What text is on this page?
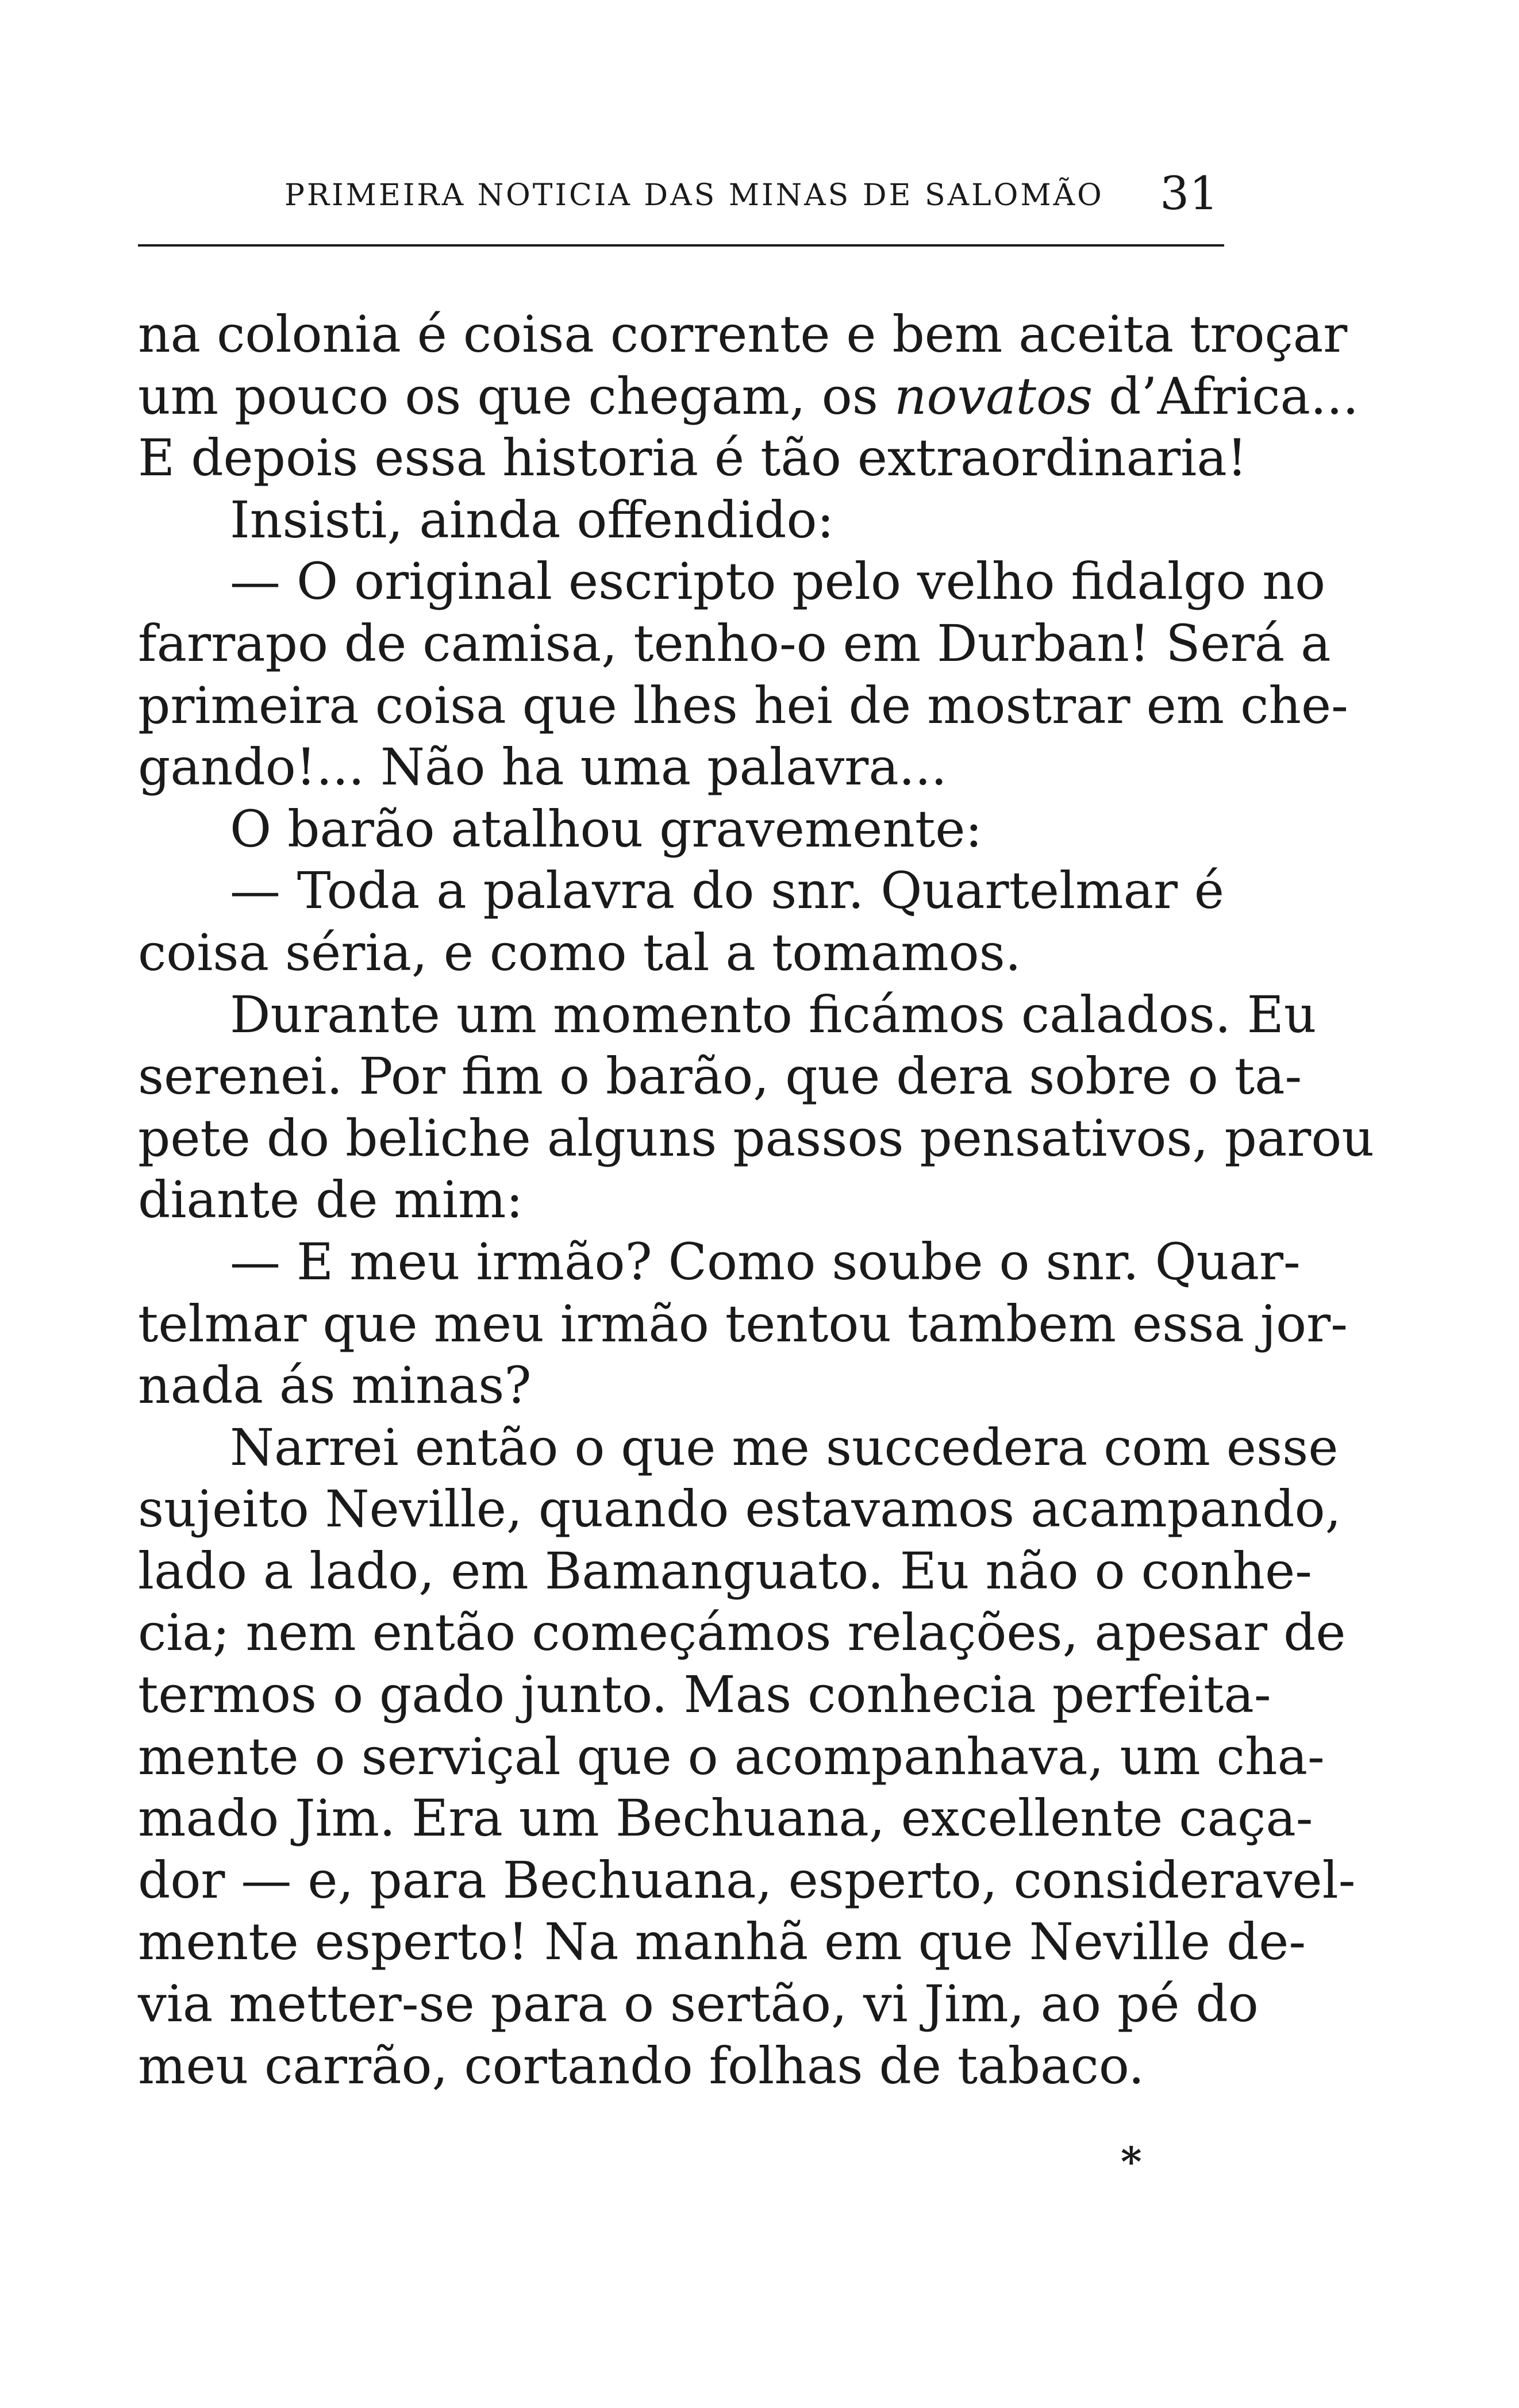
PRIMEIRA NOTICIA DAS MINAS DE SALOMÃO 31
na colonia é coisa corrente e bem aceita troçar
um pouco os que chegam, os novatos d’Africa...
E depois essa historia é tão extraordinaria!
Insisti, ainda offendido:
— O original escripto pelo velho fidalgo no
farrapo de camisa, tenho-o em Durban! Será a
primeira coisa que lhes hei de mostrar em che-
gando!... Não ha uma palavra...
O barão atalhou gravemente:
— Toda a palavra do snr. Quartelmar é
coisa séria, e como tal a tomamos.
Durante um momento ficámos calados. Eu
serenei. Por fim o barão, que dera sobre o ta-
pete do beliche alguns passos pensativos, parou
diante de mim:
— E meu irmão? Como soube o snr. Quar-
telmar que meu irmão tentou tambem essa jor-
nada ás minas?
Narrei então o que me succedera com esse
sujeito Neville, quando estavamos acampando,
lado a lado, em Bamanguato. Eu não o conhe-
cia; nem então começámos relações, apesar de
termos o gado junto. Mas conhecia perfeita-
mente o serviçal que o acompanhava, um cha-
mado Jim. Era um Bechuana, excellente caça-
dor — e, para Bechuana, esperto, consideravel-
mente esperto! Na manhã em que Neville de-
via metter-se para o sertão, vi Jim, ao pé do
meu carrão, cortando folhas de tabaco.
*
